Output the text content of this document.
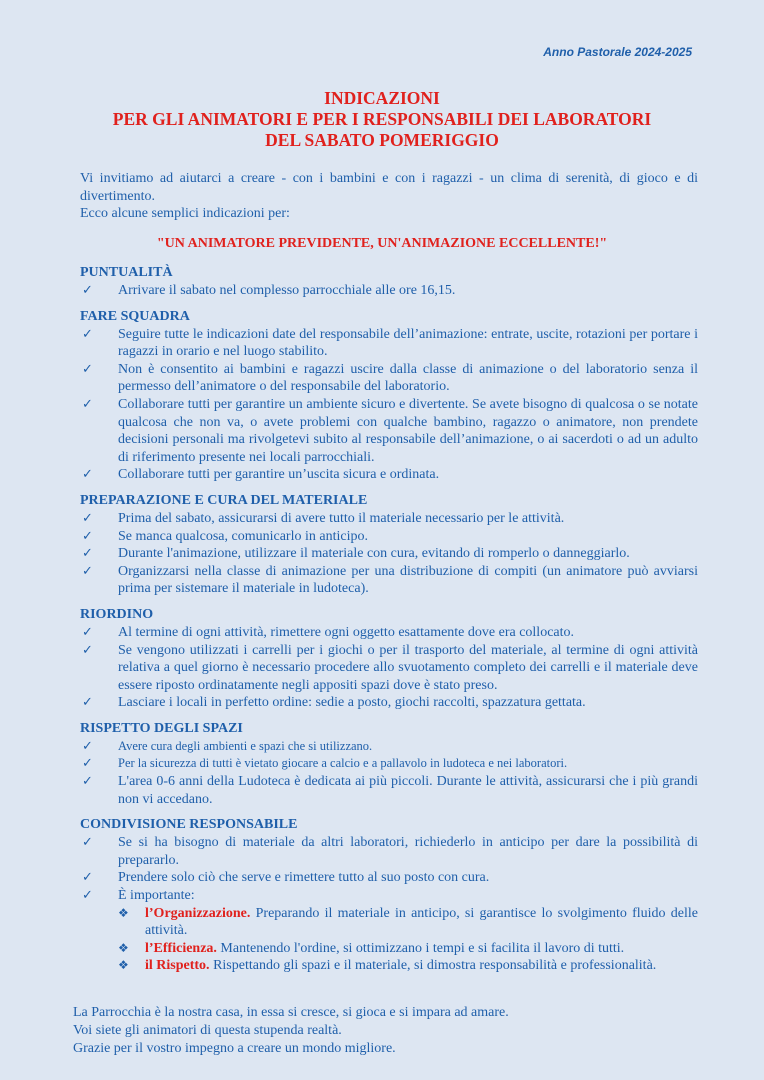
Anno Pastorale 2024-2025
INDICAZIONI
PER GLI ANIMATORI E PER I RESPONSABILI DEI LABORATORI
DEL SABATO POMERIGGIO
Vi invitiamo ad aiutarci a creare - con i bambini e con i ragazzi - un clima di serenità, di gioco e di divertimento.
Ecco alcune semplici indicazioni per:
"UN ANIMATORE PREVIDENTE, UN'ANIMAZIONE ECCELLENTE!"
PUNTUALITÀ
✓ Arrivare il sabato nel complesso parrocchiale alle ore 16,15.
FARE SQUADRA
✓ Seguire tutte le indicazioni date del responsabile dell’animazione: entrate, uscite, rotazioni per portare i ragazzi in orario e nel luogo stabilito.
✓ Non è consentito ai bambini e ragazzi uscire dalla classe di animazione o del laboratorio senza il permesso dell’animatore o del responsabile del laboratorio.
✓ Collaborare tutti per garantire un ambiente sicuro e divertente. Se avete bisogno di qualcosa o se notate qualcosa che non va, o avete problemi con qualche bambino, ragazzo o animatore, non prendete decisioni personali ma rivolgetevi subito al responsabile dell’animazione, o ai sacerdoti o ad un adulto di riferimento presente nei locali parrocchiali.
✓ Collaborare tutti per garantire un’uscita sicura e ordinata.
PREPARAZIONE E CURA DEL MATERIALE
✓ Prima del sabato, assicurarsi di avere tutto il materiale necessario per le attività.
✓ Se manca qualcosa, comunicarlo in anticipo.
✓ Durante l'animazione, utilizzare il materiale con cura, evitando di romperlo o danneggiarlo.
✓ Organizzarsi nella classe di animazione per una distribuzione di compiti (un animatore può avviarsi prima per sistemare il materiale in ludoteca).
RIORDINO
✓ Al termine di ogni attività, rimettere ogni oggetto esattamente dove era collocato.
✓ Se vengono utilizzati i carrelli per i giochi o per il trasporto del materiale, al termine di ogni attività relativa a quel giorno è necessario procedere allo svuotamento completo dei carrelli e il materiale deve essere riposto ordinatamente negli appositi spazi dove è stato preso.
✓ Lasciare i locali in perfetto ordine: sedie a posto, giochi raccolti, spazzatura gettata.
RISPETTO DEGLI SPAZI
✓ Avere cura degli ambienti e spazi che si utilizzano.
✓ Per la sicurezza di tutti è vietato giocare a calcio e a pallavolo in ludoteca e nei laboratori.
✓ L'area 0-6 anni della Ludoteca è dedicata ai più piccoli. Durante le attività, assicurarsi che i più grandi non vi accedano.
CONDIVISIONE RESPONSABILE
✓ Se si ha bisogno di materiale da altri laboratori, richiederlo in anticipo per dare la possibilità di prepararlo.
✓ Prendere solo ciò che serve e rimettere tutto al suo posto con cura.
✓ È importante:
❖ l’Organizzazione. Preparando il materiale in anticipo, si garantisce lo svolgimento fluido delle attività.
❖ l’Efficienza. Mantenendo l'ordine, si ottimizzano i tempi e si facilita il lavoro di tutti.
❖ il Rispetto. Rispettando gli spazi e il materiale, si dimostra responsabilità e professionalità.
La Parrocchia è la nostra casa, in essa si cresce, si gioca e si impara ad amare.
Voi siete gli animatori di questa stupenda realtà.
Grazie per il vostro impegno a creare un mondo migliore.
